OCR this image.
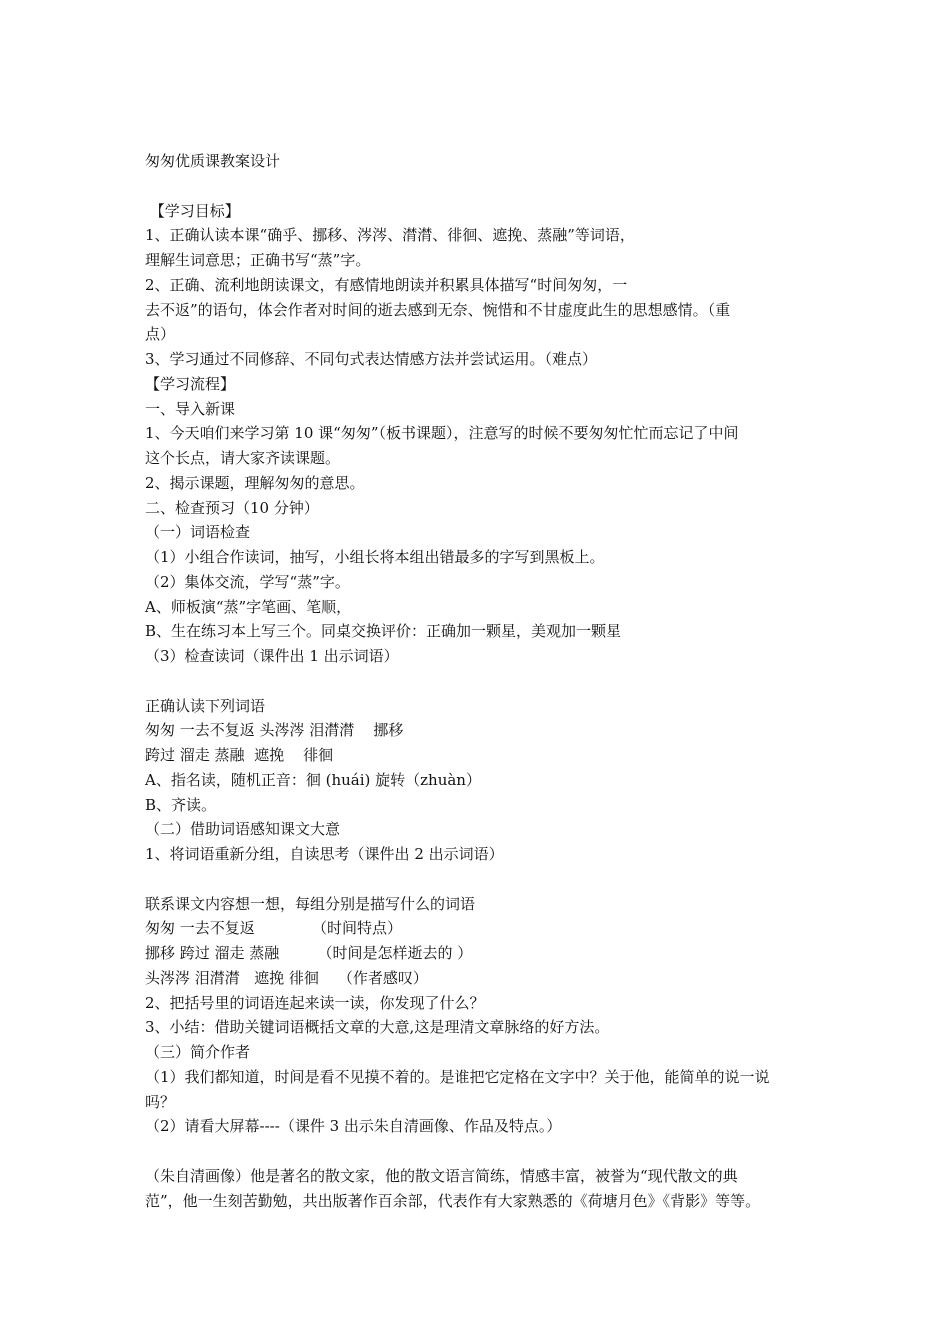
匆匆优质课教案设计
【学习目标】
1、正确认读本课“确乎、挪移、涔涔、潸潸、徘徊、遮挽、蒸融”等词语，
理解生词意思；正确书写“蒸”字。
2、正确、流利地朗读课文，有感情地朗读并积累具体描写“时间匆匆，一
去不返”的语句，体会作者对时间的逝去感到无奈、惋惜和不甘虚度此生的思想感情。（重
点）
3、学习通过不同修辞、不同句式表达情感方法并尝试运用。（难点）
【学习流程】
一、导入新课
1、今天咱们来学习第 10 课“匆匆”（板书课题），注意写的时候不要匆匆忙忙而忘记了中间
这个长点，请大家齐读课题。
2、揭示课题，理解匆匆的意思。
二、检查预习（10 分钟）
（一）词语检查
（1）小组合作读词，抽写，小组长将本组出错最多的字写到黑板上。
（2）集体交流，学写“蒸”字。
A、师板演“蒸”字笔画、笔顺，
B、生在练习本上写三个。同桌交换评价：正确加一颗星，美观加一颗星
（3）检查读词（课件出 1 出示词语）
正确认读下列词语
匆匆 一去不复返 头涔涔 泪潸潸    挪移
跨过 溜走 蒸融  遮挽    徘徊
A、指名读，随机正音：徊 (huái) 旋转（zhuàn）
B、齐读。
（二）借助词语感知课文大意
1、将词语重新分组，自读思考（课件出 2 出示词语）
联系课文内容想一想，每组分别是描写什么的词语
匆匆 一去不复返            （时间特点）
挪移 跨过 溜走 蒸融        （时间是怎样逝去的 ）
头涔涔 泪潸潸   遮挽 徘徊    （作者感叹）
2、把括号里的词语连起来读一读，你发现了什么？
3、小结：借助关键词语概括文章的大意,这是理清文章脉络的好方法。
（三）简介作者
（1）我们都知道，时间是看不见摸不着的。是谁把它定格在文字中？关于他，能简单的说一说
吗？
（2）请看大屏幕----（课件 3 出示朱自清画像、作品及特点。）
（朱自清画像）他是著名的散文家，他的散文语言简练，情感丰富，被誉为“现代散文的典
范”，他一生刻苦勤勉，共出版著作百余部，代表作有大家熟悉的《荷塘月色》《背影》等等。
